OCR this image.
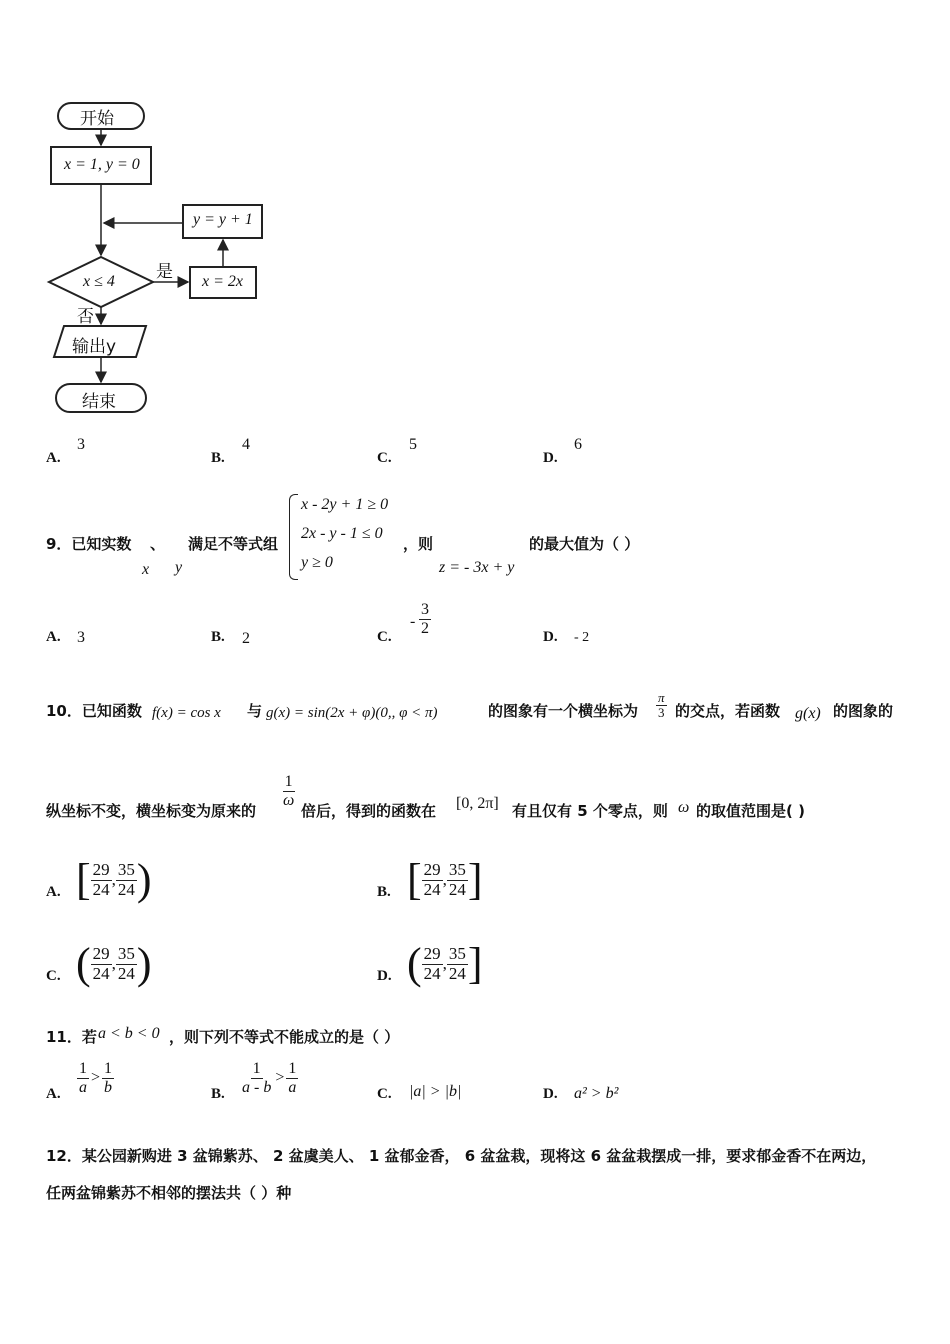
开始
x = 1, y = 0
y = y + 1
x ≤ 4 是
否
x = 2x
输出y
结束
A.
3
B.
4
C.
5
D.
6
9．已知实数 、 满足不等式组
x y
x - 2y + 1 ≥ 0
2x - y - 1 ≤ 0
y ≥ 0
，则
z = - 3x + y
的最大值为（ ）
A. 3	B. 2	C.
- $\frac{3}{2}$	D. - 2
10．已知函数 f(x) = cos x 与 g(x) = sin(2x + φ)(0,, φ < π)	的图象有一个横坐标为 $\frac{\pi}{3}$ 的交点，若函数 g(x) 的图象的
纵坐标不变，横坐标变为原来的
$\frac{1}{\omega}$
倍后，得到的函数在 [0, 2π] 有且仅有 5 个零点，则 ω 的取值范围是( )
A. [ $\frac{29}{24}$ , $\frac{35}{24}$ )	B. [ $\frac{29}{24}$ , $\frac{35}{24}$ ]
C. ( $\frac{29}{24}$ , $\frac{35}{24}$ )	D. ( $\frac{29}{24}$ , $\frac{35}{24}$ ]
11．若 a < b < 0 ，则下列不等式不能成立的是（ ）
A. $\frac{1}{a} > \frac{1}{b}$	B. $\frac{1}{a - b} > \frac{1}{a}$	C. |a| > |b|	D. a² > b²
12．某公园新购进 3 盆锦紫苏、 2 盆虞美人、 1 盆郁金香， 6 盆盆栽，现将这 6 盆盆栽摆成一排，要求郁金香不在两边，
任两盆锦紫苏不相邻的摆法共（ ）种
